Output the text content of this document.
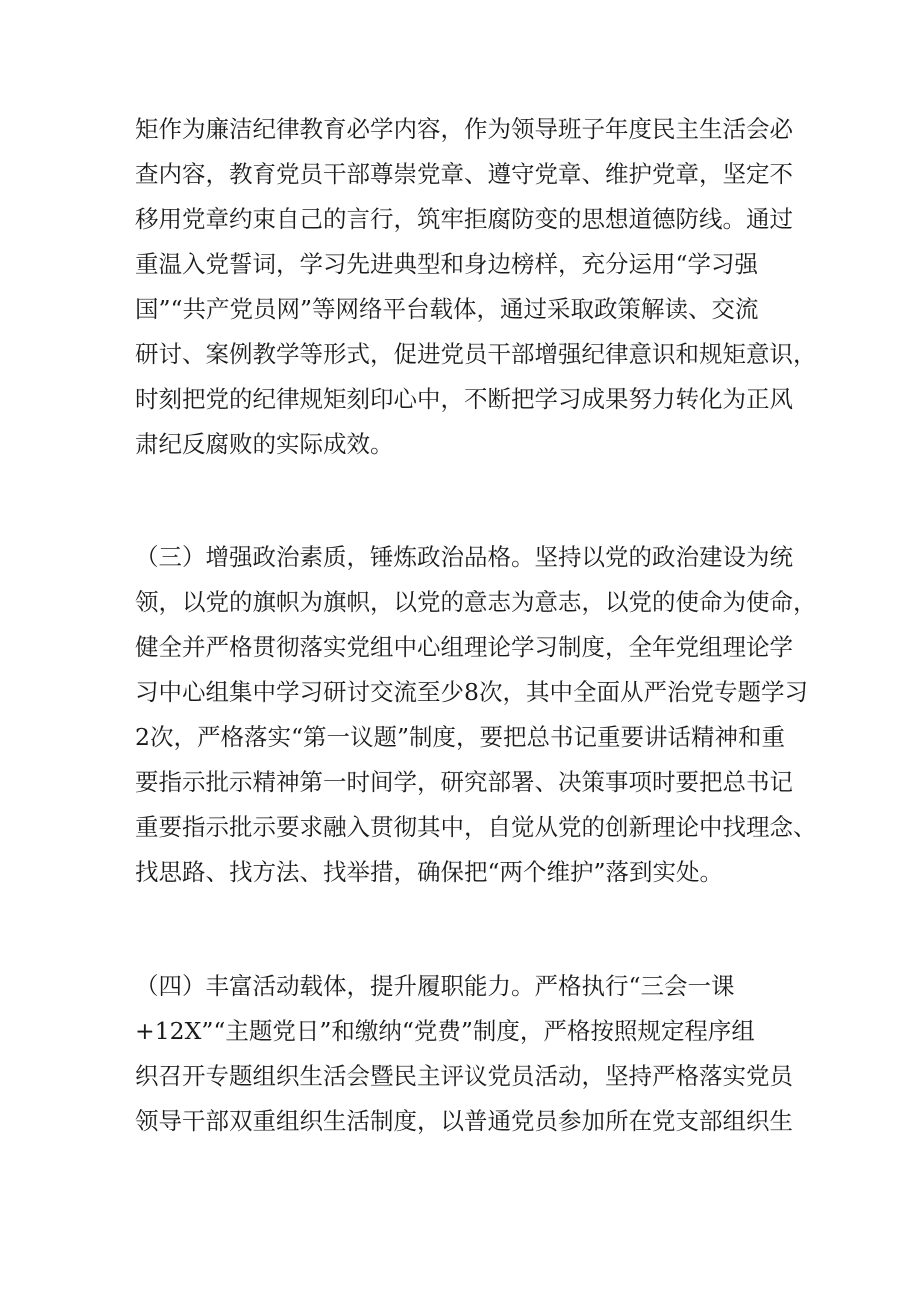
矩作为廉洁纪律教育必学内容，作为领导班子年度民主生活会必
查内容，教育党员干部尊崇党章、遵守党章、维护党章，坚定不
移用党章约束自己的言行，筑牢拒腐防变的思想道德防线。通过
重温入党誓词，学习先进典型和身边榜样，充分运用“学习强
国”“共产党员网”等网络平台载体，通过采取政策解读、交流
研讨、案例教学等形式，促进党员干部增强纪律意识和规矩意识，
时刻把党的纪律规矩刻印心中，不断把学习成果努力转化为正风
肃纪反腐败的实际成效。
（三）增强政治素质，锤炼政治品格。坚持以党的政治建设为统
领，以党的旗帜为旗帜，以党的意志为意志，以党的使命为使命，
健全并严格贯彻落实党组中心组理论学习制度，全年党组理论学
习中心组集中学习研讨交流至少8次，其中全面从严治党专题学习
2次，严格落实“第一议题”制度，要把总书记重要讲话精神和重
要指示批示精神第一时间学，研究部署、决策事项时要把总书记
重要指示批示要求融入贯彻其中，自觉从党的创新理论中找理念、
找思路、找方法、找举措，确保把“两个维护”落到实处。
（四）丰富活动载体，提升履职能力。严格执行“三会一课
+12X”“主题党日”和缴纳“党费”制度，严格按照规定程序组
织召开专题组织生活会暨民主评议党员活动，坚持严格落实党员
领导干部双重组织生活制度，以普通党员参加所在党支部组织生
